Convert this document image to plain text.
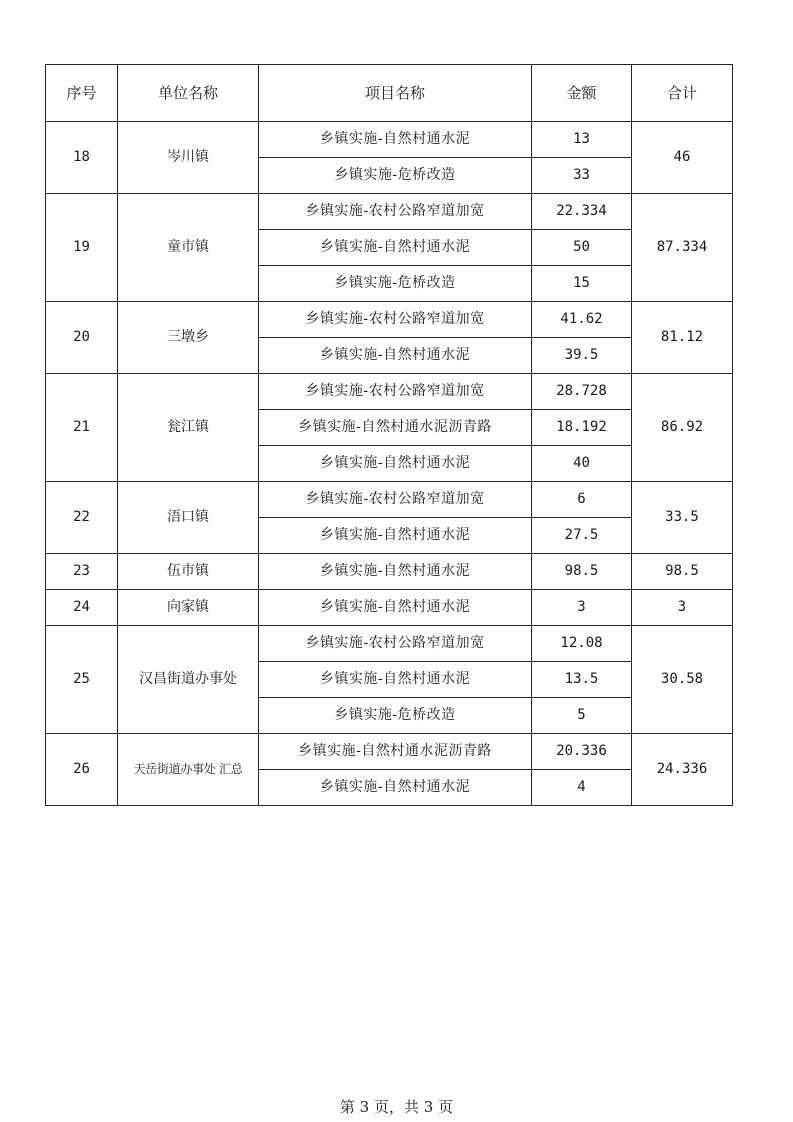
序号	单位名称	项目名称	金额	合计
18	岑川镇	乡镇实施-自然村通水泥	13	46
		乡镇实施-危桥改造	33	
19	童市镇	乡镇实施-农村公路窄道加宽	22.334	87.334
		乡镇实施-自然村通水泥	50	
		乡镇实施-危桥改造	15	
20	三墩乡	乡镇实施-农村公路窄道加宽	41.62	81.12
		乡镇实施-自然村通水泥	39.5	
21	瓮江镇	乡镇实施-农村公路窄道加宽	28.728	86.92
		乡镇实施-自然村通水泥沥青路	18.192	
		乡镇实施-自然村通水泥	40	
22	浯口镇	乡镇实施-农村公路窄道加宽	6	33.5
		乡镇实施-自然村通水泥	27.5	
23	伍市镇	乡镇实施-自然村通水泥	98.5	98.5
24	向家镇	乡镇实施-自然村通水泥	3	3
25	汉昌街道办事处	乡镇实施-农村公路窄道加宽	12.08	30.58
		乡镇实施-自然村通水泥	13.5	
		乡镇实施-危桥改造	5	
26	天岳街道办事处 汇总	乡镇实施-自然村通水泥沥青路	20.336	24.336
		乡镇实施-自然村通水泥	4	
第 3 页，共 3 页
